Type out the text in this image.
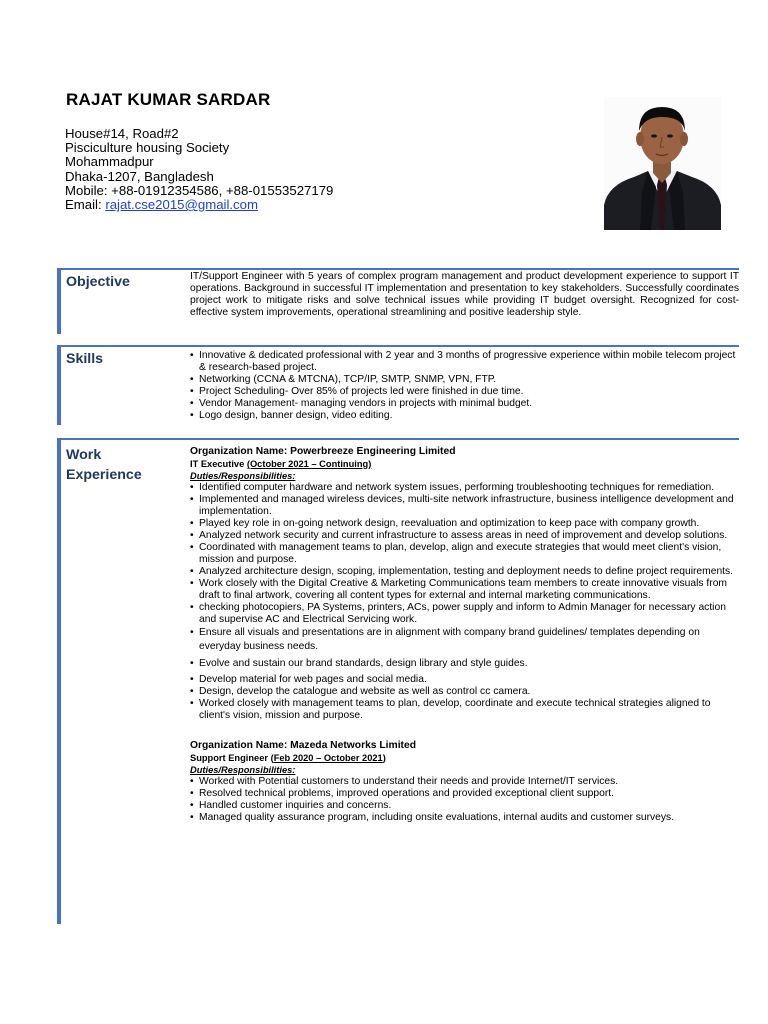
RAJAT KUMAR SARDAR
House#14, Road#2
Pisciculture housing Society
Mohammadpur
Dhaka-1207, Bangladesh
Mobile: +88-01912354586, +88-01553527179
Email: rajat.cse2015@gmail.com
Objective	IT/Support Engineer with 5 years of complex program management and product development experience to support IT operations. Background in successful IT implementation and presentation to key stakeholders. Successfully coordinates project work to mitigate risks and solve technical issues while providing IT budget oversight. Recognized for cost-effective system improvements, operational streamlining and positive leadership style.

Skills
•	Innovative & dedicated professional with 2 year and 3 months of progressive experience within mobile telecom project & research-based project.
• Networking (CCNA & MTCNA), TCP/IP, SMTP, SNMP, VPN, FTP.
• Project Scheduling- Over 85% of projects led were finished in due time.
• Vendor Management- managing vendors in projects with minimal budget.
• Logo design, banner design, video editing.
Work
Experience

Organization Name: Powerbreeze Engineering Limited

IT Executive (October 2021 – Continuing)

Duties/Responsibilities:

• Identified computer hardware and network system issues, performing troubleshooting techniques for remediation.
• Implemented and managed wireless devices, multi-site network infrastructure, business intelligence development and implementation.
• Played key role in on-going network design, reevaluation and optimization to keep pace with company growth.
• Analyzed network security and current infrastructure to assess areas in need of improvement and develop solutions.
• Coordinated with management teams to plan, develop, align and execute strategies that would meet client's vision, mission and purpose.
• Analyzed architecture design, scoping, implementation, testing and deployment needs to define project requirements.
• Work closely with the Digital Creative & Marketing Communications team members to create innovative visuals from draft to final artwork, covering all content types for external and internal marketing communications.
• checking photocopiers, PA Systems, printers, ACs, power supply and inform to Admin Manager for necessary action and supervise AC and Electrical Servicing work.
• Ensure all visuals and presentations are in alignment with company brand guidelines/ templates depending on everyday business needs.
• Evolve and sustain our brand standards, design library and style guides.
• Develop material for web pages and social media.
• Design, develop the catalogue and website as well as control cc camera.
• Worked closely with management teams to plan, develop, coordinate and execute technical strategies aligned to client's vision, mission and purpose.

Organization Name: Mazeda Networks Limited

Support Engineer (Feb 2020 – October 2021)

Duties/Responsibilities:

• Worked with Potential customers to understand their needs and provide Internet/IT services.
• Resolved technical problems, improved operations and provided exceptional client support.
• Handled customer inquiries and concerns.
• Managed quality assurance program, including onsite evaluations, internal audits and customer surveys.
